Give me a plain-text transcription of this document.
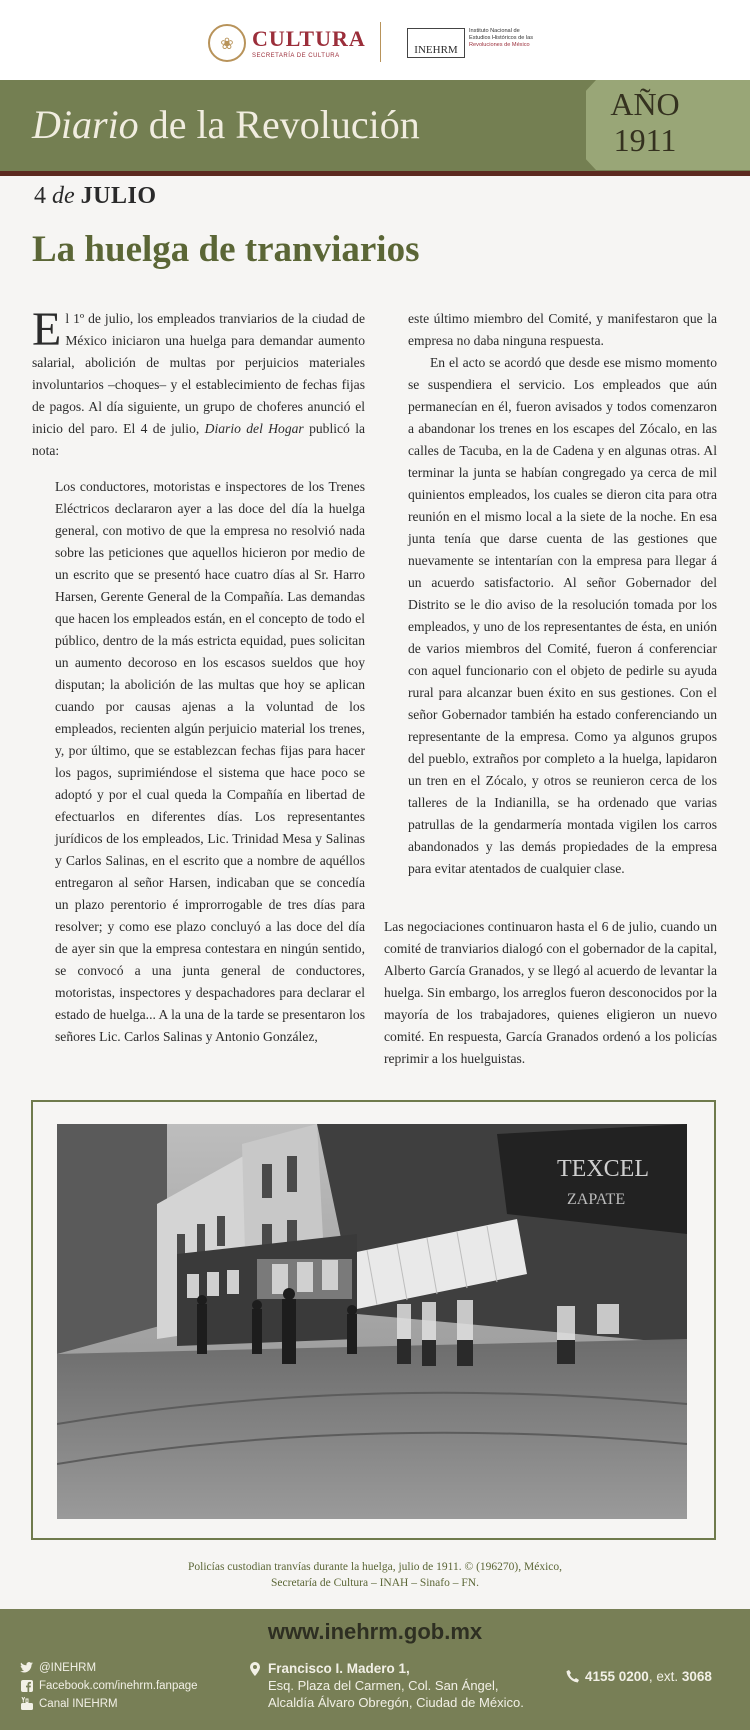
❀ CULTURA
SECRETARÍA DE CULTURA	INEHRM
Instituto Nacional de
Estudios Históricos de las
Revoluciones de México
Diario de la Revolución	AÑO
1911
4 de JULIO
La huelga de tranviarios

El 1º de julio, los empleados tranviarios de la ciudad de México iniciaron una huelga para demandar aumento salarial, abolición de multas por perjuicios materiales involuntarios –choques– y el establecimiento de fechas fijas de pagos. Al día siguiente, un grupo de choferes anunció el inicio del paro. El 4 de julio, Diario del Hogar publicó la nota:

Los conductores, motoristas e inspectores de los Trenes Eléctricos declararon ayer a las doce del día la huelga general, con motivo de que la empresa no resolvió nada sobre las peticiones que aquellos hicieron por medio de un escrito que se presentó hace cuatro días al Sr. Harro Harsen, Gerente General de la Compañía. Las demandas que hacen los empleados están, en el concepto de todo el público, dentro de la más estricta equidad, pues solicitan un aumento decoroso en los escasos sueldos que hoy disputan; la abolición de las multas que hoy se aplican cuando por causas ajenas a la voluntad de los empleados, recienten algún perjuicio material los trenes, y, por último, que se establezcan fechas fijas para hacer los pagos, suprimiéndose el sistema que hace poco se adoptó y por el cual queda la Compañía en libertad de efectuarlos en diferentes días. Los representantes jurídicos de los empleados, Lic. Trinidad Mesa y Salinas y Carlos Salinas, en el escrito que a nombre de aquéllos entregaron al señor Harsen, indicaban que se concedía un plazo perentorio é improrrogable de tres días para resolver; y como ese plazo concluyó a las doce del día de ayer sin que la empresa contestara en ningún sentido, se convocó a una junta general de conductores, motoristas, inspectores y despachadores para declarar el estado de huelga... A la una de la tarde se presentaron los señores Lic. Carlos Salinas y Antonio González,

este último miembro del Comité, y manifestaron que la empresa no daba ninguna respuesta.

En el acto se acordó que desde ese mismo momento se suspendiera el servicio. Los empleados que aún permanecían en él, fueron avisados y todos comenzaron a abandonar los trenes en los escapes del Zócalo, en las calles de Tacuba, en la de Cadena y en algunas otras. Al terminar la junta se habían congregado ya cerca de mil quinientos empleados, los cuales se dieron cita para otra reunión en el mismo local a la siete de la noche. En esa junta tenía que darse cuenta de las gestiones que nuevamente se intentarían con la empresa para llegar á un acuerdo satisfactorio. Al señor Gobernador del Distrito se le dio aviso de la resolución tomada por los empleados, y uno de los representantes de ésta, en unión de varios miembros del Comité, fueron á conferenciar con aquel funcionario con el objeto de pedirle su ayuda rural para alcanzar buen éxito en sus gestiones. Con el señor Gobernador también ha estado conferenciando un representante de la empresa. Como ya algunos grupos del pueblo, extraños por completo a la huelga, lapidaron un tren en el Zócalo, y otros se reunieron cerca de los talleres de la Indianilla, se ha ordenado que varias patrullas de la gendarmería montada vigilen los carros abandonados y las demás propiedades de la empresa para evitar atentados de cualquier clase.

Las negociaciones continuaron hasta el 6 de julio, cuando un comité de tranviarios dialogó con el gobernador de la capital, Alberto García Granados, y se llegó al acuerdo de levantar la huelga. Sin embargo, los arreglos fueron desconocidos por la mayoría de los trabajadores, quienes eligieron un nuevo comité. En respuesta, García Granados ordenó a los policías reprimir a los huelguistas.

TEXCEL
ZAPATE
Policías custodian tranvías durante la huelga, julio de 1911. © (196270), México,
Secretaría de Cultura – INAH – Sinafo – FN.
www.inehrm.gob.mx
@INEHRM
Facebook.com/inehrm.fanpage
Canal INEHRM
Francisco I. Madero 1,
Esq. Plaza del Carmen, Col. San Ángel,
Alcaldía Álvaro Obregón, Ciudad de México.
4155 0200, ext. 3068
